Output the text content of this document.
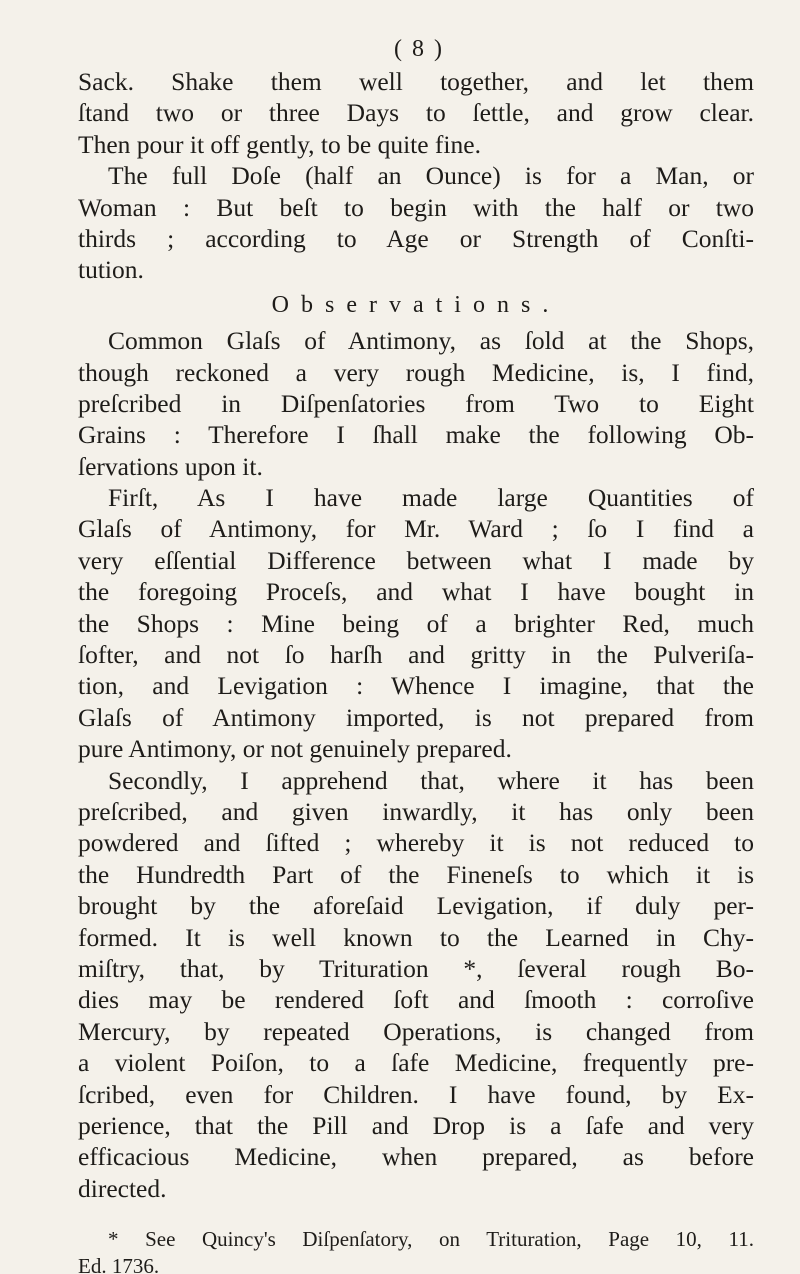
( 8 )
Sack. Shake them well together, and let them
ſtand two or three Days to ſettle, and grow clear.
Then pour it off gently, to be quite fine.
The full Doſe (half an Ounce) is for a Man, or
Woman : But beſt to begin with the half or two
thirds ; according to Age or Strength of Conſti-
tution.
Observations.
Common Glaſs of Antimony, as ſold at the Shops,
though reckoned a very rough Medicine, is, I find,
preſcribed in Diſpenſatories from Two to Eight
Grains : Therefore I ſhall make the following Ob-
ſervations upon it.
Firſt, As I have made large Quantities of
Glaſs of Antimony, for Mr. Ward ; ſo I find a
very eſſential Difference between what I made by
the foregoing Proceſs, and what I have bought in
the Shops : Mine being of a brighter Red, much
ſofter, and not ſo harſh and gritty in the Pulveriſa-
tion, and Levigation : Whence I imagine, that the
Glaſs of Antimony imported, is not prepared from
pure Antimony, or not genuinely prepared.
Secondly, I apprehend that, where it has been
preſcribed, and given inwardly, it has only been
powdered and ſifted ; whereby it is not reduced to
the Hundredth Part of the Fineneſs to which it is
brought by the aforeſaid Levigation, if duly per-
formed. It is well known to the Learned in Chy-
miſtry, that, by Trituration *, ſeveral rough Bo-
dies may be rendered ſoft and ſmooth : corroſive
Mercury, by repeated Operations, is changed from
a violent Poiſon, to a ſafe Medicine, frequently pre-
ſcribed, even for Children. I have found, by Ex-
perience, that the Pill and Drop is a ſafe and very
efficacious Medicine, when prepared, as before
directed.
* See Quincy's Diſpenſatory, on Trituration, Page 10, 11.
Ed. 1736.
